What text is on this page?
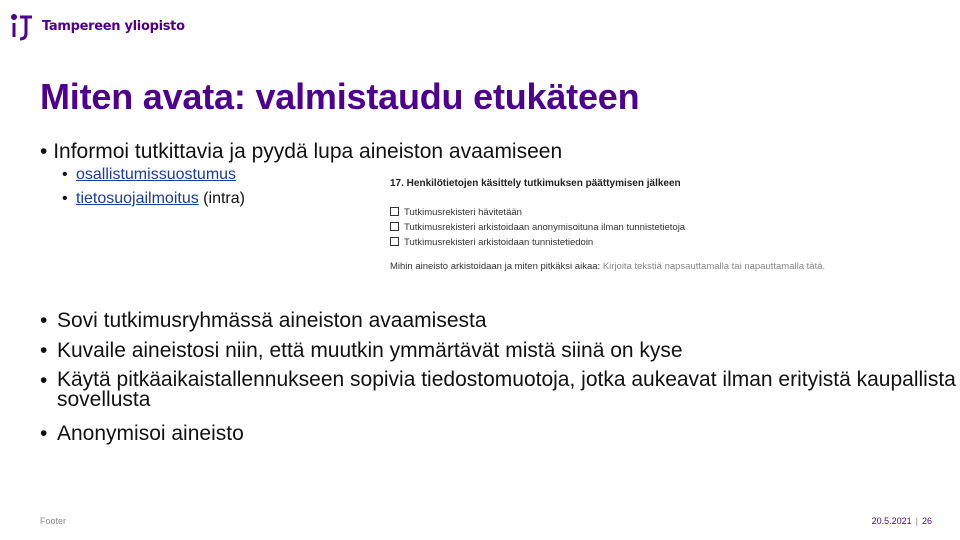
Tampereen yliopisto
Miten avata: valmistaudu etukäteen
• Informoi tutkittavia ja pyydä lupa aineiston avaamiseen
• osallistumissuostumus
• tietosuojailmoitus (intra)
17. Henkilötietojen käsittely tutkimuksen päättymisen jälkeen
Tutkimusrekisteri hävitetään
Tutkimusrekisteri arkistoidaan anonymisoituna ilman tunnistetietoja
Tutkimusrekisteri arkistoidaan tunnistetiedoin
Mihin aineisto arkistoidaan ja miten pitkäksi aikaa: Kirjoita tekstiä napsauttamalla tai napauttamalla tätä.
• Sovi tutkimusryhmässä aineiston avaamisesta
• Kuvaile aineistosi niin, että muutkin ymmärtävät mistä siinä on kyse
• Käytä pitkäaikaistallennukseen sopivia tiedostomuotoja, jotka aukeavat ilman erityistä kaupallista sovellusta
• Anonymisoi aineisto
Footer	20.5.2021 | 26
